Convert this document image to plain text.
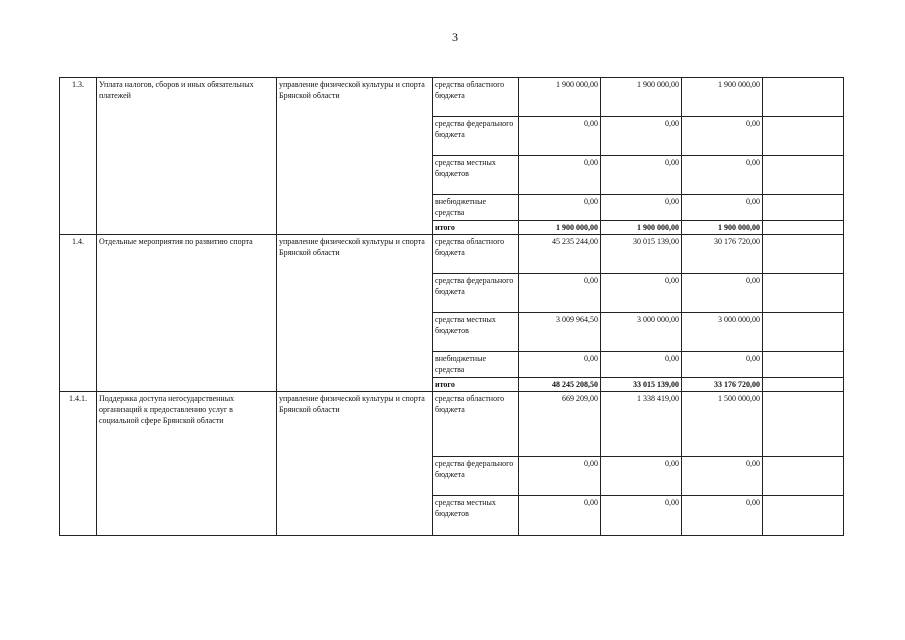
3
1.3.	Уплата налогов, сборов и иных обязательных платежей	управление физической культуры и спорта Брянской области	средства областного бюджета	1 900 000,00	1 900 000,00	1 900 000,00	
			средства федерального бюджета	0,00	0,00	0,00	
			средства местных бюджетов	0,00	0,00	0,00	
			внебюджетные средства	0,00	0,00	0,00	
			итого	1 900 000,00	1 900 000,00	1 900 000,00	
1.4.	Отдельные мероприятия по развитию спорта	управление физической культуры и спорта Брянской области	средства областного бюджета	45 235 244,00	30 015 139,00	30 176 720,00	
			средства федерального бюджета	0,00	0,00	0,00	
			средства местных бюджетов	3 009 964,50	3 000 000,00	3 000 000,00	
			внебюджетные средства	0,00	0,00	0,00	
			итого	48 245 208,50	33 015 139,00	33 176 720,00	
1.4.1.	Поддержка доступа негосударственных организаций к предоставлению услуг в социальной сфере Брянской области	управление физической культуры и спорта Брянской области	средства областного бюджета	669 209,00	1 338 419,00	1 500 000,00	
			средства федерального бюджета	0,00	0,00	0,00	
			средства местных бюджетов	0,00	0,00	0,00	
